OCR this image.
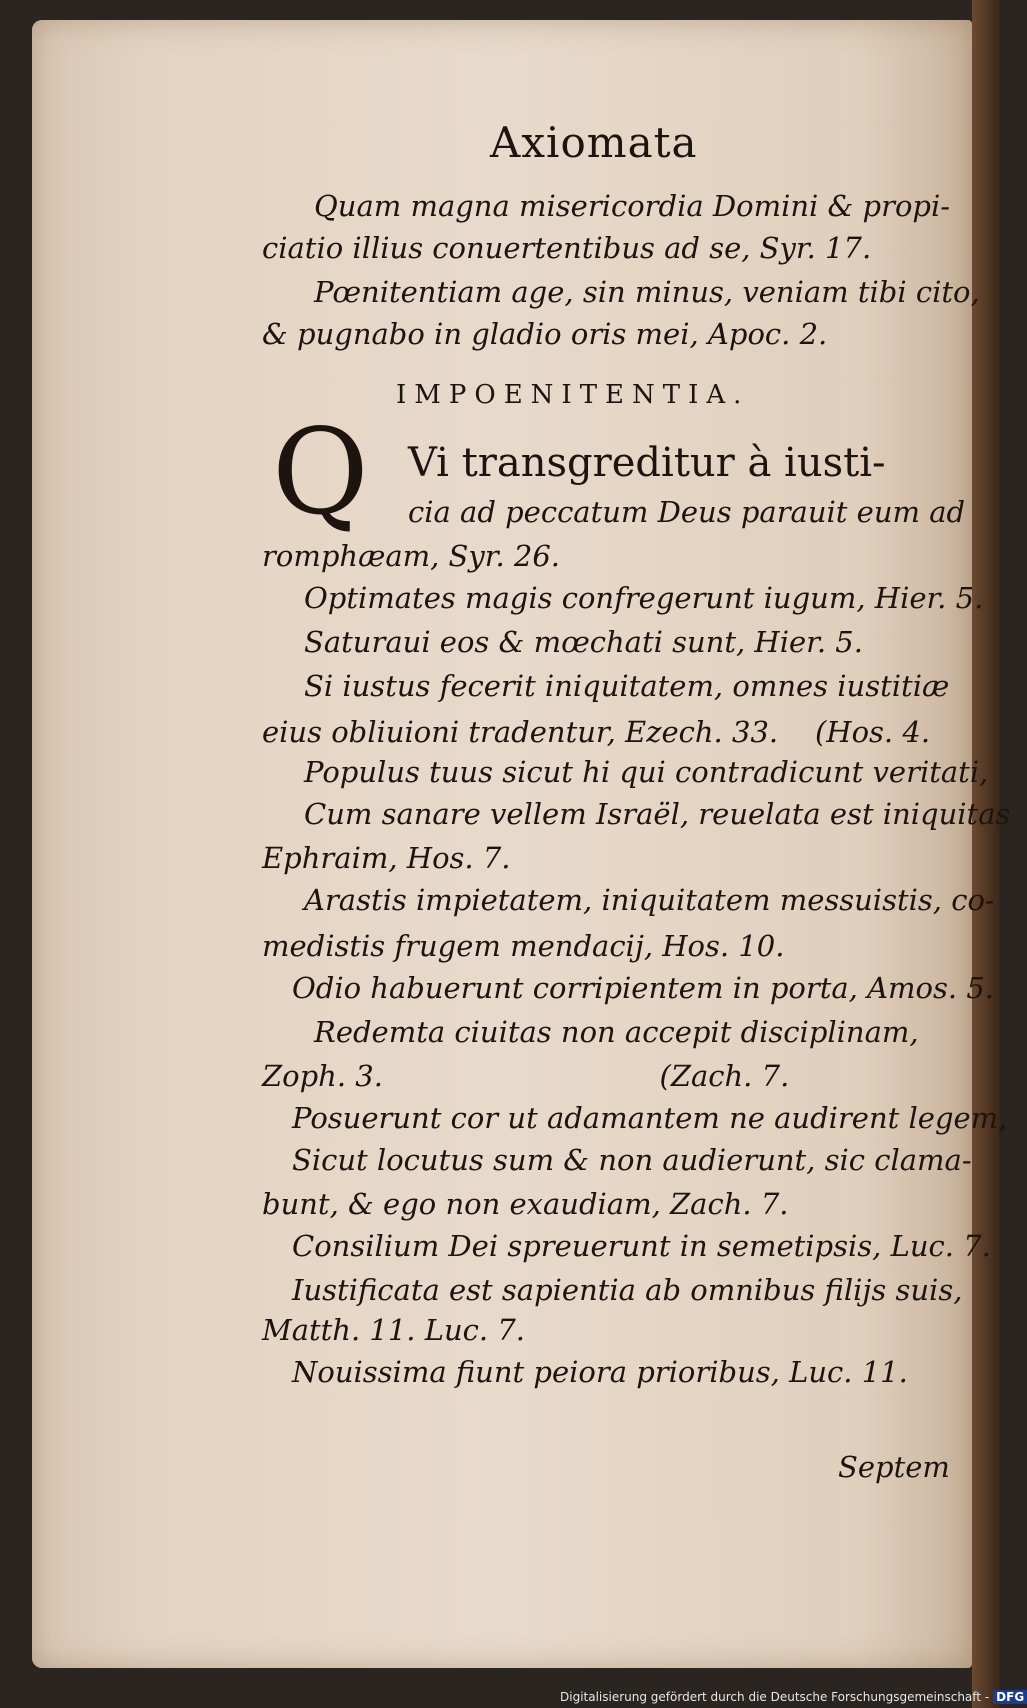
Axiomata
IMPOENITENTIA.
Q Vi transgreditur à iusti-
Quam magna misericordia Domini & propi-
ciatio illius conuertentibus ad se, Syr. 17.
Pœnitentiam age, sin minus, veniam tibi cito,
& pugnabo in gladio oris mei, Apoc. 2.
cia ad peccatum Deus parauit eum ad
romphæam, Syr. 26.
Optimates magis confregerunt iugum, Hier. 5.
Saturaui eos & mœchati sunt, Hier. 5.
Si iustus fecerit iniquitatem, omnes iustitiæ
eius obliuioni tradentur, Ezech. 33.    (Hos. 4.
Populus tuus sicut hi qui contradicunt veritati,
Cum sanare vellem Israël, reuelata est iniquitas
Ephraim, Hos. 7.
Arastis impietatem, iniquitatem messuistis, co-
medistis frugem mendacij, Hos. 10.
Odio habuerunt corripientem in porta, Amos. 5.
Redemta ciuitas non accepit disciplinam,
Zoph. 3.                              (Zach. 7.
Posuerunt cor ut adamantem ne audirent legem,
Sicut locutus sum & non audierunt, sic clama-
bunt, & ego non exaudiam, Zach. 7.
Consilium Dei spreuerunt in semetipsis, Luc. 7.
Iustificata est sapientia ab omnibus filijs suis,
Matth. 11. Luc. 7.
Nouissima fiunt peiora prioribus, Luc. 11.
Septem
Digitalisierung gefördert durch die Deutsche Forschungsgemeinschaft - DFG
